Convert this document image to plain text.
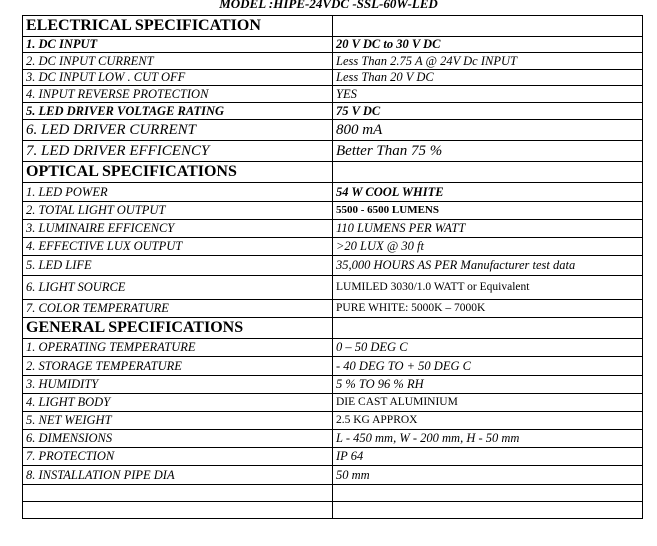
MODEL :HIPE-24VDC -SSL-60W-LED
ELECTRICAL SPECIFICATION	
1. DC INPUT	20 V DC to 30 V DC
2. DC INPUT CURRENT	Less Than 2.75 A @ 24V Dc INPUT
3. DC INPUT LOW . CUT OFF	Less Than 20 V DC
4. INPUT REVERSE PROTECTION	YES
5. LED DRIVER VOLTAGE RATING	75 V DC
6. LED DRIVER CURRENT	800 mA
7. LED DRIVER EFFICENCY	Better Than 75 %
OPTICAL SPECIFICATIONS	
1. LED POWER	54 W COOL WHITE
2. TOTAL LIGHT OUTPUT	5500 - 6500 LUMENS
3. LUMINAIRE EFFICENCY	110 LUMENS PER WATT
4. EFFECTIVE LUX OUTPUT	>20 LUX @ 30 ft
5. LED LIFE	35,000 HOURS AS PER Manufacturer test data
6. LIGHT SOURCE	LUMILED 3030/1.0 WATT or Equivalent
7. COLOR TEMPERATURE	PURE WHITE: 5000K – 7000K
GENERAL SPECIFICATIONS	
1. OPERATING TEMPERATURE	0 – 50 DEG C
2. STORAGE TEMPERATURE	- 40 DEG TO + 50 DEG C
3. HUMIDITY	5 % TO 96 % RH
4. LIGHT BODY	DIE CAST ALUMINIUM
5. NET WEIGHT	2.5 KG APPROX
6. DIMENSIONS	L - 450 mm, W - 200 mm, H - 50 mm
7. PROTECTION	IP 64
8. INSTALLATION PIPE DIA	50 mm
